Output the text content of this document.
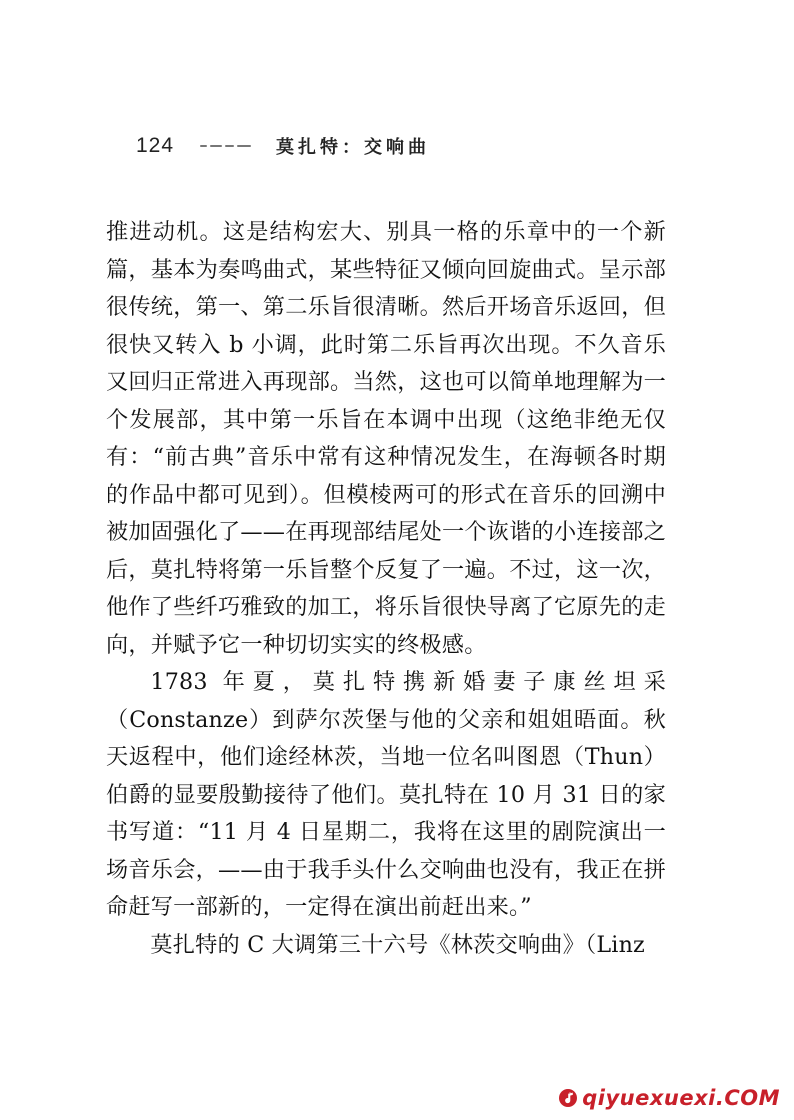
124	莫扎特：交响曲

推进动机。这是结构宏大、别具一格的乐章中的一个新篇，基本为奏鸣曲式，某些特征又倾向回旋曲式。呈示部很传统，第一、第二乐旨很清晰。然后开场音乐返回，但很快又转入 b 小调，此时第二乐旨再次出现。不久音乐又回归正常进入再现部。当然，这也可以简单地理解为一个发展部，其中第一乐旨在本调中出现（这绝非绝无仅有：“前古典”音乐中常有这种情况发生，在海顿各时期的作品中都可见到）。但模棱两可的形式在音乐的回溯中被加固强化了——在再现部结尾处一个诙谐的小连接部之后，莫扎特将第一乐旨整个反复了一遍。不过，这一次，他作了些纤巧雅致的加工，将乐旨很快导离了它原先的走向，并赋予它一种切切实实的终极感。

1783 年夏，莫扎特携新婚妻子康丝坦采（Constanze）到萨尔茨堡与他的父亲和姐姐晤面。秋天返程中，他们途经林茨，当地一位名叫图恩（Thun）伯爵的显要殷勤接待了他们。莫扎特在 10 月 31 日的家书写道：“11 月 4 日星期二，我将在这里的剧院演出一场音乐会，——由于我手头什么交响曲也没有，我正在拼命赶写一部新的，一定得在演出前赶出来。”

莫扎特的 C 大调第三十六号《林茨交响曲》（Linz

qiyuexuexi.COM
